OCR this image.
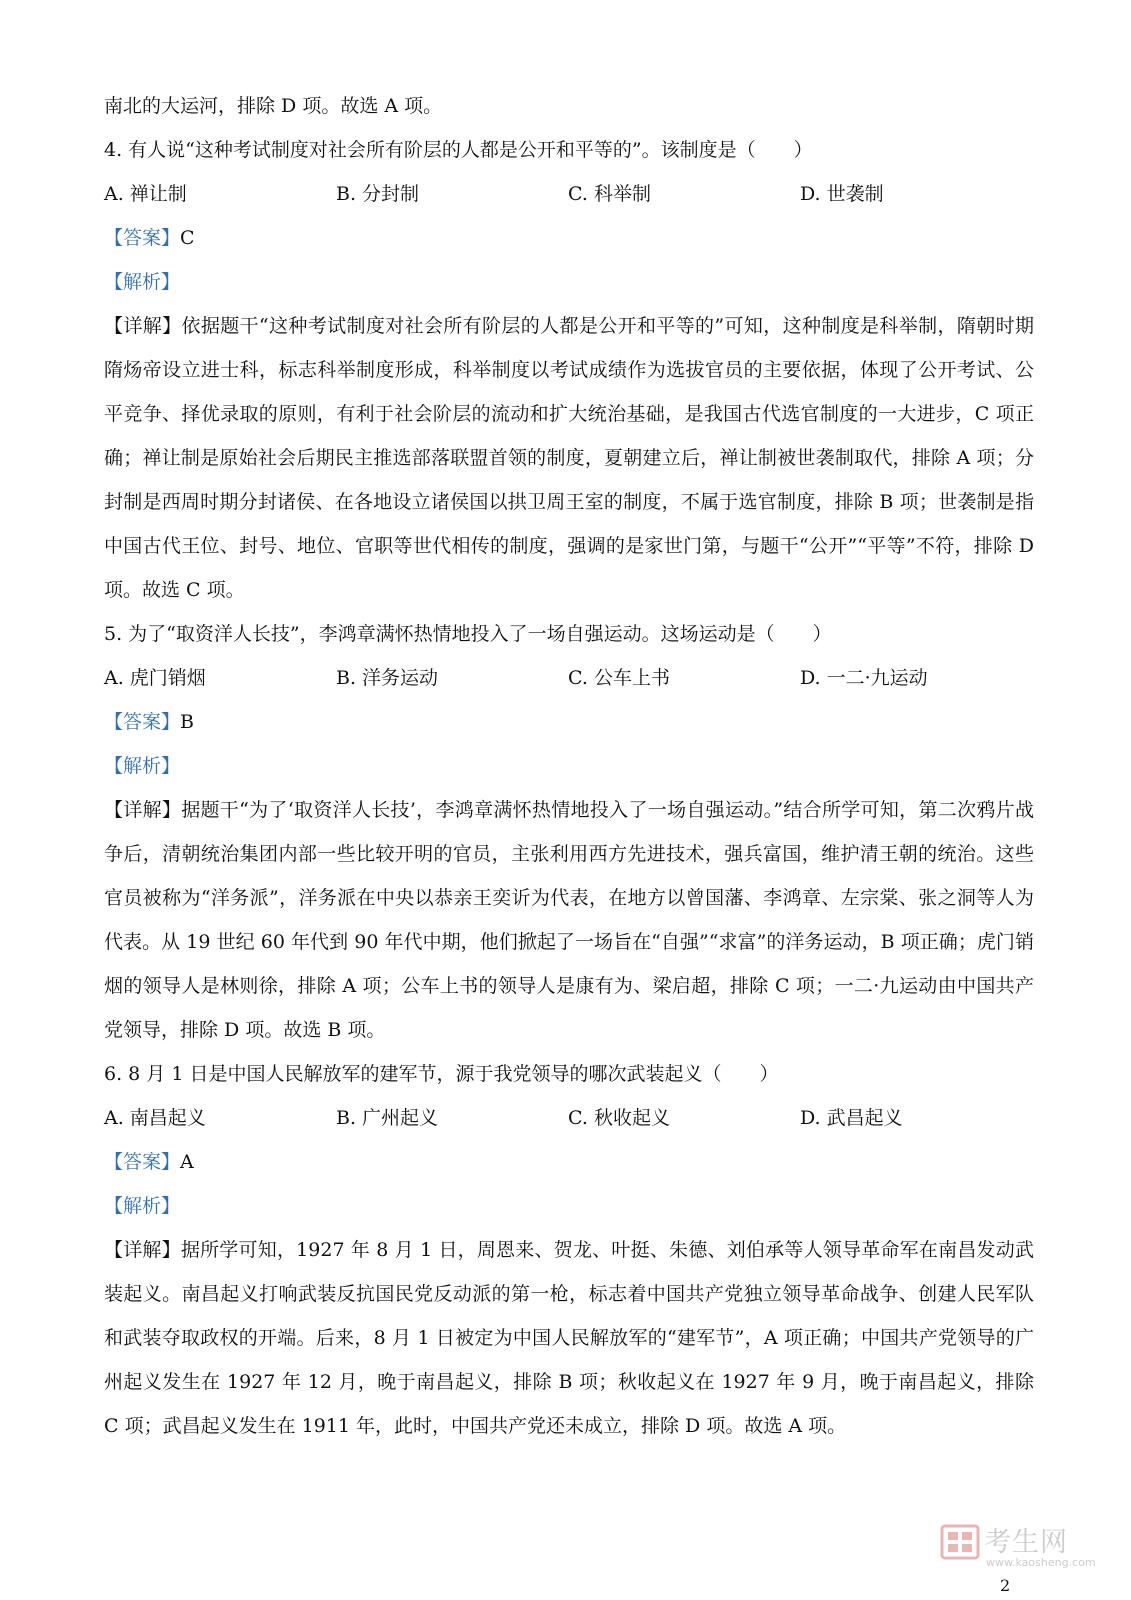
南北的大运河，排除 D 项。故选 A 项。

4. 有人说“这种考试制度对社会所有阶层的人都是公开和平等的”。该制度是（　　）

A. 禅让制	B. 分封制	C. 科举制	D. 世袭制

【答案】C

【解析】

【详解】依据题干“这种考试制度对社会所有阶层的人都是公开和平等的”可知，这种制度是科举制，隋朝时期隋炀帝设立进士科，标志科举制度形成，科举制度以考试成绩作为选拔官员的主要依据，体现了公开考试、公平竞争、择优录取的原则，有利于社会阶层的流动和扩大统治基础，是我国古代选官制度的一大进步，C 项正确；禅让制是原始社会后期民主推选部落联盟首领的制度，夏朝建立后，禅让制被世袭制取代，排除 A 项；分封制是西周时期分封诸侯、在各地设立诸侯国以拱卫周王室的制度，不属于选官制度，排除 B 项；世袭制是指中国古代王位、封号、地位、官职等世代相传的制度，强调的是家世门第，与题干“公开”“平等”不符，排除 D 项。故选 C 项。

5. 为了“取资洋人长技”，李鸿章满怀热情地投入了一场自强运动。这场运动是（　　）

A. 虎门销烟	B. 洋务运动	C. 公车上书	D. 一二·九运动

【答案】B

【解析】

【详解】据题干“为了‘取资洋人长技’，李鸿章满怀热情地投入了一场自强运动。”结合所学可知，第二次鸦片战争后，清朝统治集团内部一些比较开明的官员，主张利用西方先进技术，强兵富国，维护清王朝的统治。这些官员被称为“洋务派”，洋务派在中央以恭亲王奕䜣为代表，在地方以曾国藩、李鸿章、左宗棠、张之洞等人为代表。从 19 世纪 60 年代到 90 年代中期，他们掀起了一场旨在“自强”“求富”的洋务运动，B 项正确；虎门销烟的领导人是林则徐，排除 A 项；公车上书的领导人是康有为、梁启超，排除 C 项；一二·九运动由中国共产党领导，排除 D 项。故选 B 项。

6. 8 月 1 日是中国人民解放军的建军节，源于我党领导的哪次武装起义（　　）

A. 南昌起义	B. 广州起义	C. 秋收起义	D. 武昌起义

【答案】A

【解析】

【详解】据所学可知，1927 年 8 月 1 日，周恩来、贺龙、叶挺、朱德、刘伯承等人领导革命军在南昌发动武装起义。南昌起义打响武装反抗国民党反动派的第一枪，标志着中国共产党独立领导革命战争、创建人民军队和武装夺取政权的开端。后来，8 月 1 日被定为中国人民解放军的“建军节”，A 项正确；中国共产党领导的广州起义发生在 1927 年 12 月，晚于南昌起义，排除 B 项；秋收起义在 1927 年 9 月，晚于南昌起义，排除 C 项；武昌起义发生在 1911 年，此时，中国共产党还未成立，排除 D 项。故选 A 项。

考生网
www.kaosheng.com
2
